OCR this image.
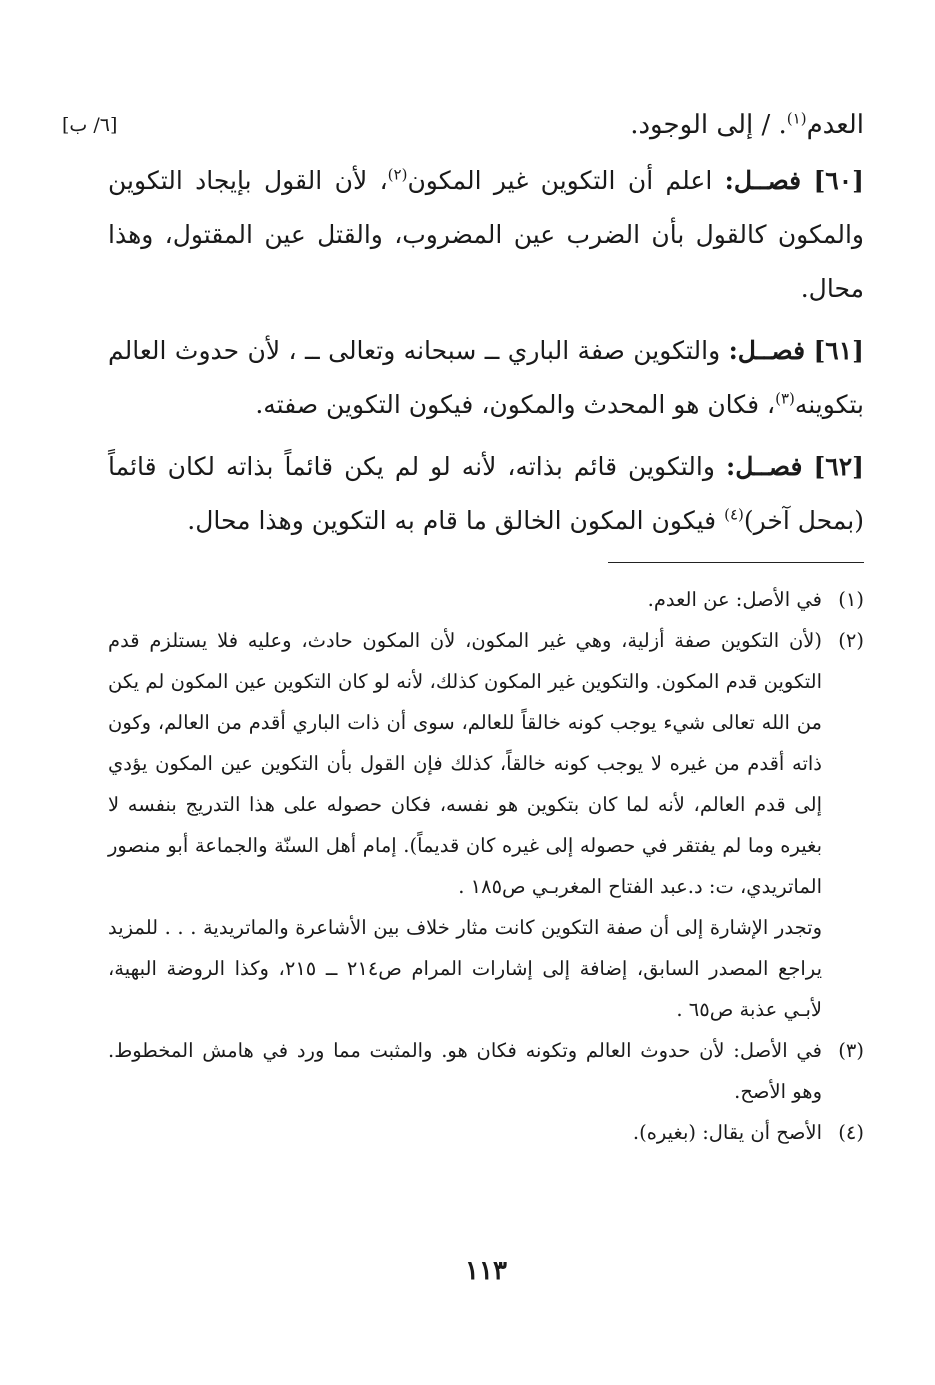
العدم$^{(١)}$. / إلى الوجود.
[٦/ ب]

[٦٠] فصــل: اعلم أن التكوين غير المكون$^{(٢)}$، لأن القول بإيجاد التكوين والمكون كالقول بأن الضرب عين المضروب، والقتل عين المقتول، وهذا محال.

[٦١] فصــل: والتكوين صفة الباري ــ سبحانه وتعالى ــ ، لأن حدوث العالم بتكوينه$^{(٣)}$، فكان هو المحدث والمكون، فيكون التكوين صفته.

[٦٢] فصــل: والتكوين قائم بذاته، لأنه لو لم يكن قائماً بذاته لكان قائماً (بمحل آخر)$^{(٤)}$ فيكون المكون الخالق ما قام به التكوين وهذا محال.

(١)
في الأصل: عن العدم.
(٢)
(لأن التكوين صفة أزلية، وهي غير المكون، لأن المكون حادث، وعليه فلا يستلزم قدم التكوين قدم المكون. والتكوين غير المكون كذلك، لأنه لو كان التكوين عين المكون لم يكن من الله تعالى شيء يوجب كونه خالقاً للعالم، سوى أن ذات الباري أقدم من العالم، وكون ذاته أقدم من غيره لا يوجب كونه خالقاً، كذلك فإن القول بأن التكوين عين المكون يؤدي إلى قدم العالم، لأنه لما كان بتكوين هو نفسه، فكان حصوله على هذا التدريج بنفسه لا بغيره وما لم يفتقر في حصوله إلى غيره كان قديماً). إمام أهل السنّة والجماعة أبو منصور الماتريدي، ت: د.عبد الفتاح المغربـي ص١٨٥ .
وتجدر الإشارة إلى أن صفة التكوين كانت مثار خلاف بين الأشاعرة والماتريدية . . . للمزيد يراجع المصدر السابق، إضافة إلى إشارات المرام ص٢١٤ ــ ٢١٥، وكذا الروضة البهية، لأبـي عذبة ص٦٥ .
(٣)
في الأصل: لأن حدوث العالم وتكونه فكان هو. والمثبت مما ورد في هامش المخطوط. وهو الأصح.
(٤)
الأصح أن يقال: (بغيره).
١١٣
